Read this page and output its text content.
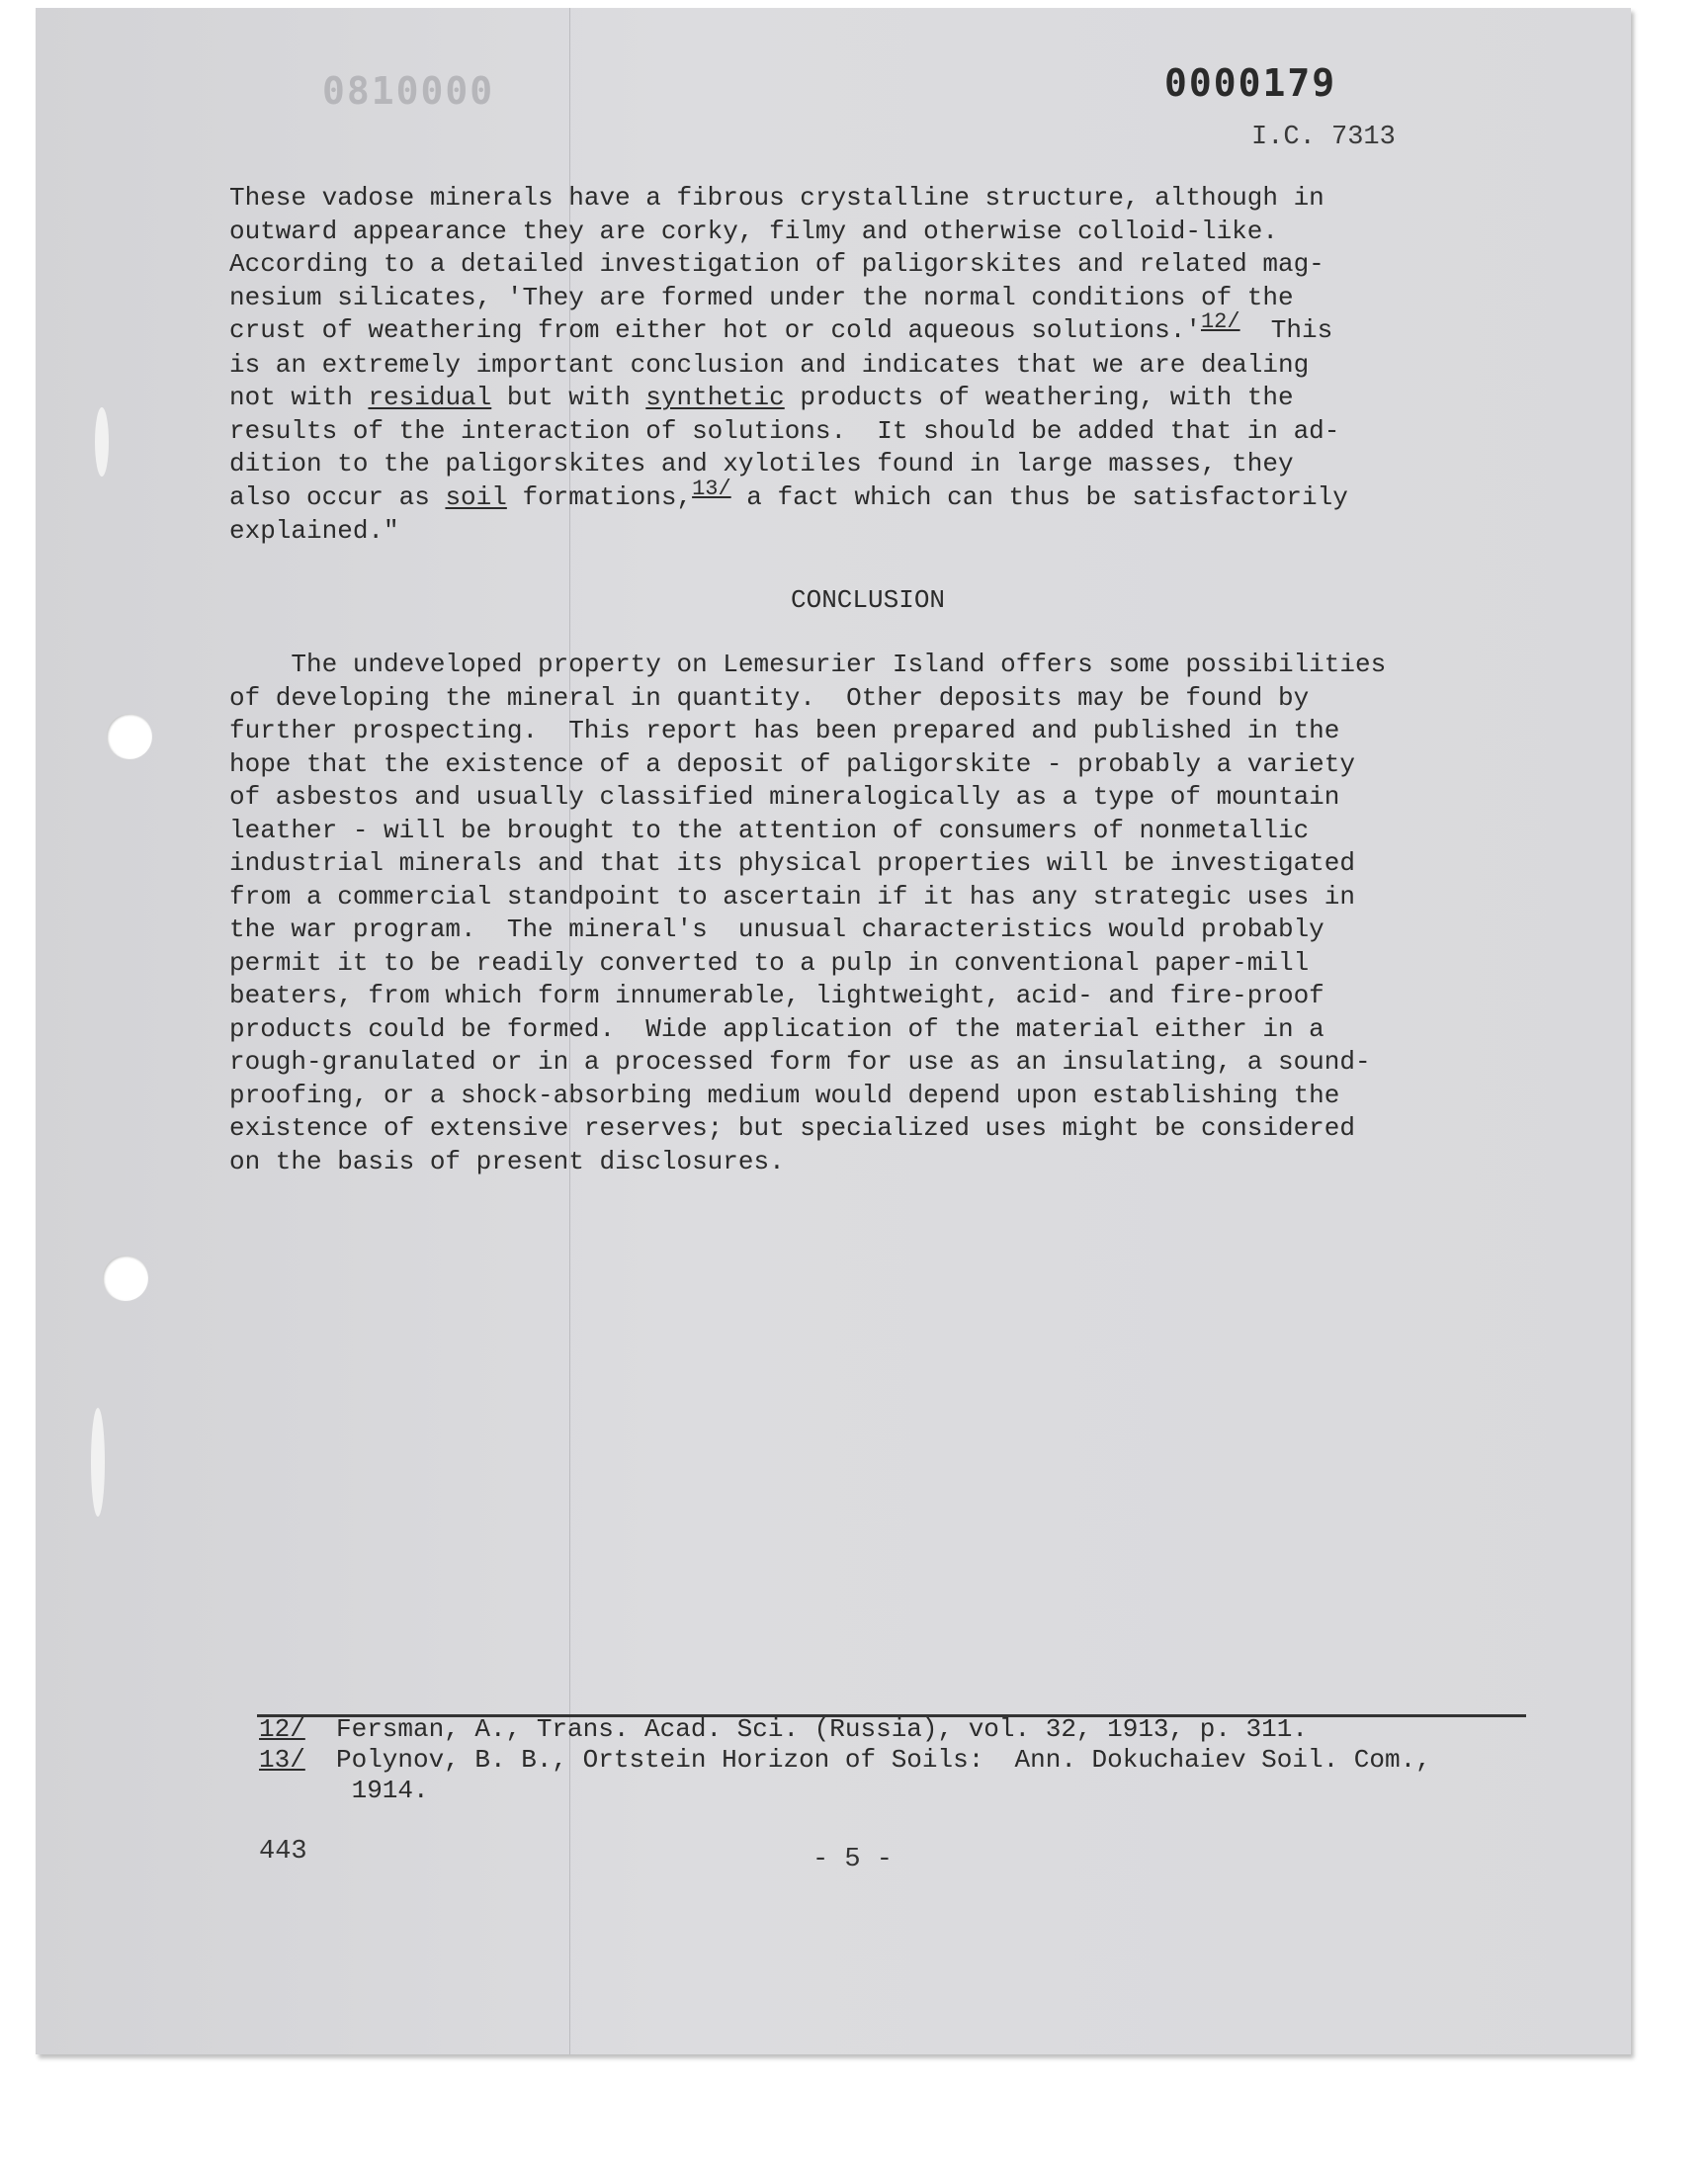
0810000	0000179
I.C. 7313
These vadose minerals have a fibrous crystalline structure, although in
outward appearance they are corky, filmy and otherwise colloid-like.
According to a detailed investigation of paligorskites and related mag-
nesium silicates, 'They are formed under the normal conditions of the
crust of weathering from either hot or cold aqueous $solutions.'^{12/}$ This
is an extremely important conclusion and indicates that we are dealing
not with residual but with synthetic products of weathering, with the
results of the interaction of solutions.  It should be added that in ad-
dition to the paligorskites and xylotiles found in large masses, they
also occur as soil formations,$^{13/}$ a fact which can thus be satisfactorily
explained."
CONCLUSION
The undeveloped property on Lemesurier Island offers some possibilities
of developing the mineral in quantity.  Other deposits may be found by
further prospecting.  This report has been prepared and published in the
hope that the existence of a deposit of paligorskite - probably a variety
of asbestos and usually classified mineralogically as a type of mountain
leather - will be brought to the attention of consumers of nonmetallic
industrial minerals and that its physical properties will be investigated
from a commercial standpoint to ascertain if it has any strategic uses in
the war program.  The mineral's  unusual characteristics would probably
permit it to be readily converted to a pulp in conventional paper-mill
beaters, from which form innumerable, lightweight, acid- and fire-proof
products could be formed.  Wide application of the material either in a
rough-granulated or in a processed form for use as an insulating, a sound-
proofing, or a shock-absorbing medium would depend upon establishing the
existence of extensive reserves; but specialized uses might be considered
on the basis of present disclosures.
12/	Fersman, A., Trans. Acad. Sci. (Russia), vol. 32, 1913, p. 311.
13/	Polynov, B. B., Ortstein Horizon of Soils:  Ann. Dokuchaiev Soil. Com.,
1914.
443	- 5 -
